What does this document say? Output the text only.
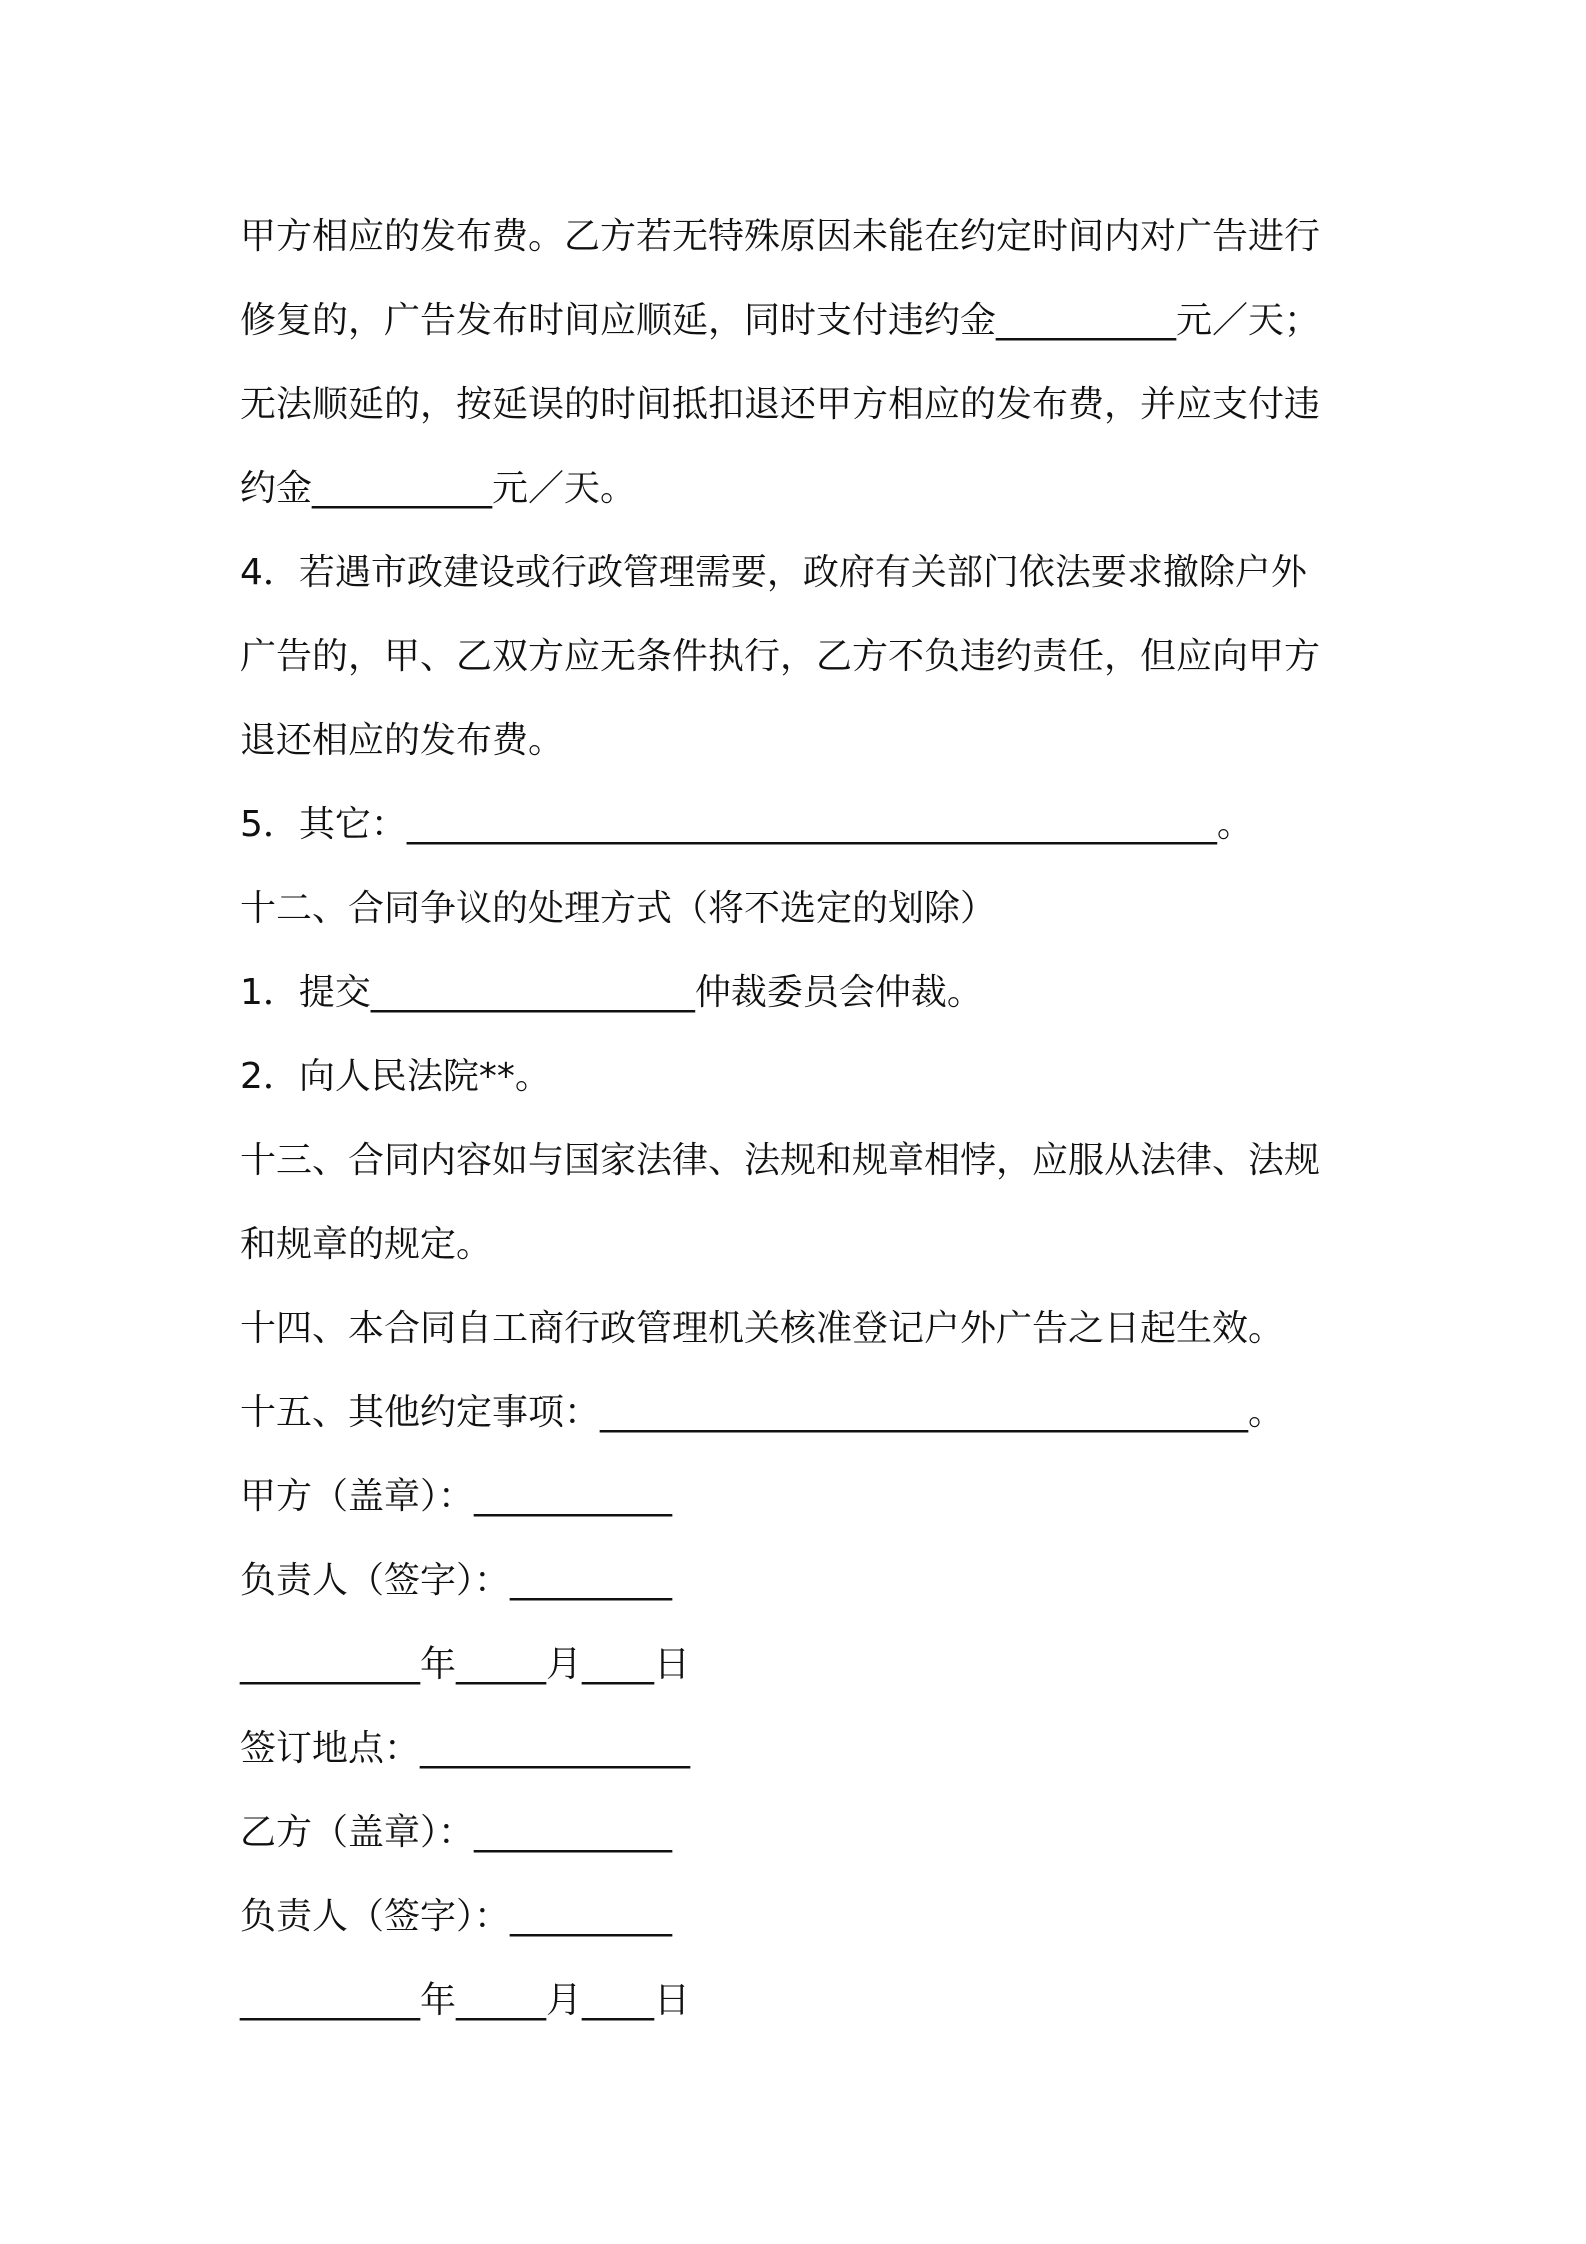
甲方相应的发布费。乙方若无特殊原因未能在约定时间内对广告进行
修复的，广告发布时间应顺延，同时支付违约金__________元／天；
无法顺延的，按延误的时间抵扣退还甲方相应的发布费，并应支付违
约金__________元／天。
4．若遇市政建设或行政管理需要，政府有关部门依法要求撤除户外
广告的，甲、乙双方应无条件执行，乙方不负违约责任，但应向甲方
退还相应的发布费。
5．其它：_____________________________________________。
十二、合同争议的处理方式（将不选定的划除）
1．提交__________________仲裁委员会仲裁。
2．向人民法院**。
十三、合同内容如与国家法律、法规和规章相悖，应服从法律、法规
和规章的规定。
十四、本合同自工商行政管理机关核准登记户外广告之日起生效。
十五、其他约定事项：____________________________________。
甲方（盖章）：___________
负责人（签字）：_________
__________年_____月____日
签订地点：_______________
乙方（盖章）：___________
负责人（签字）：_________
__________年_____月____日
